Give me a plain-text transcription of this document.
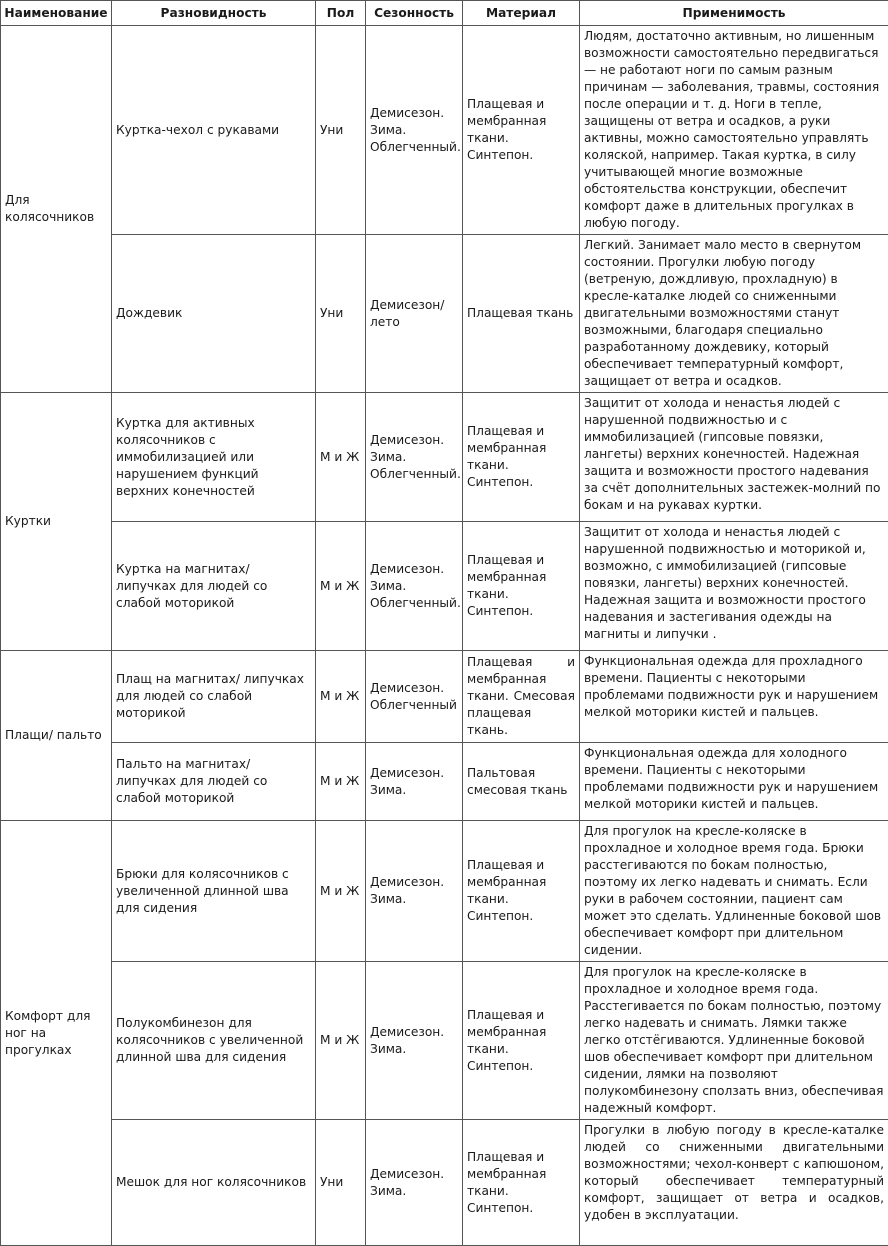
Наименование	Разновидность	Пол	Сезонность	Материал	Применимость
Для колясочников	Куртка-чехол с рукавами	Уни	Демисезон. Зима. Облегченный.	Плащевая и мембранная ткани. Синтепон.	Людям, достаточно активным, но лишенным возможности самостоятельно передвигаться — не работают ноги по самым разным причинам — заболевания, травмы, состояния после операции и т. д. Ноги в тепле, защищены от ветра и осадков, а руки активны, можно самостоятельно управлять коляской, например. Такая куртка, в силу учитывающей многие возможные обстоятельства конструкции, обеспечит комфорт даже в длительных прогулках в любую погоду.
	Дождевик	Уни	Демисезон/ лето	Плащевая ткань	Легкий. Занимает мало место в свернутом состоянии. Прогулки любую погоду (ветреную, дождливую, прохладную) в кресле-каталке людей со сниженными двигательными возможностями станут возможными, благодаря специально разработанному дождевику, который обеспечивает температурный комфорт, защищает от ветра и осадков.
Куртки	Куртка для активных колясочников с иммобилизацией или нарушением функций верхних конечностей	М и Ж	Демисезон. Зима. Облегченный.	Плащевая и мембранная ткани. Синтепон.	Защитит от холода и ненастья людей с нарушенной подвижностью и с иммобилизацией (гипсовые повязки, лангеты) верхних конечностей. Надежная защита и возможности простого надевания за счёт дополнительных застежек-молний по бокам и на рукавах куртки.
	Куртка на магнитах/ липучках для людей со слабой моторикой	М и Ж	Демисезон. Зима. Облегченный.	Плащевая и мембранная ткани. Синтепон.	Защитит от холода и ненастья людей с нарушенной подвижностью и моторикой и, возможно, с иммобилизацией (гипсовые повязки, лангеты) верхних конечностей. Надежная защита и возможности простого надевания и застегивания одежды на магниты и липучки .
Плащи/ пальто	Плащ на магнитах/ липучках для людей со слабой моторикой	М и Ж	Демисезон. Облегченный	Плащевая и мембранная ткани. Смесовая плащевая ткань.	Функциональная одежда для прохладного времени. Пациенты с некоторыми проблемами подвижности рук и нарушением мелкой моторики кистей и пальцев.
	Пальто на магнитах/ липучках для людей со слабой моторикой	М и Ж	Демисезон. Зима.	Пальтовая смесовая ткань	Функциональная одежда для холодного времени. Пациенты с некоторыми проблемами подвижности рук и нарушением мелкой моторики кистей и пальцев.
Комфорт для ног на прогулках	Брюки для колясочников с увеличенной длинной шва для сидения	М и Ж	Демисезон. Зима.	Плащевая и мембранная ткани. Синтепон.	Для прогулок на кресле-коляске в прохладное и холодное время года. Брюки расстегиваются по бокам полностью, поэтому их легко надевать и снимать. Если руки в рабочем состоянии, пациент сам может это сделать. Удлиненные боковой шов обеспечивает комфорт при длительном сидении.
	Полукомбинезон для колясочников с увеличенной длинной шва для сидения	М и Ж	Демисезон. Зима.	Плащевая и мембранная ткани. Синтепон.	Для прогулок на кресле-коляске в прохладное и холодное время года. Расстегивается по бокам полностью, поэтому легко надевать и снимать. Лямки также легко отстёгиваются. Удлиненные боковой шов обеспечивает комфорт при длительном сидении, лямки на позволяют полукомбинезону сползать вниз, обеспечивая надежный комфорт.
	Мешок для ног колясочников	Уни	Демисезон. Зима.	Плащевая и мембранная ткани. Синтепон.	Прогулки в любую погоду в кресле-каталке людей со сниженными двигательными возможностями; чехол-конверт с капюшоном, который обеспечивает температурный комфорт, защищает от ветра и осадков, удобен в эксплуатации.
